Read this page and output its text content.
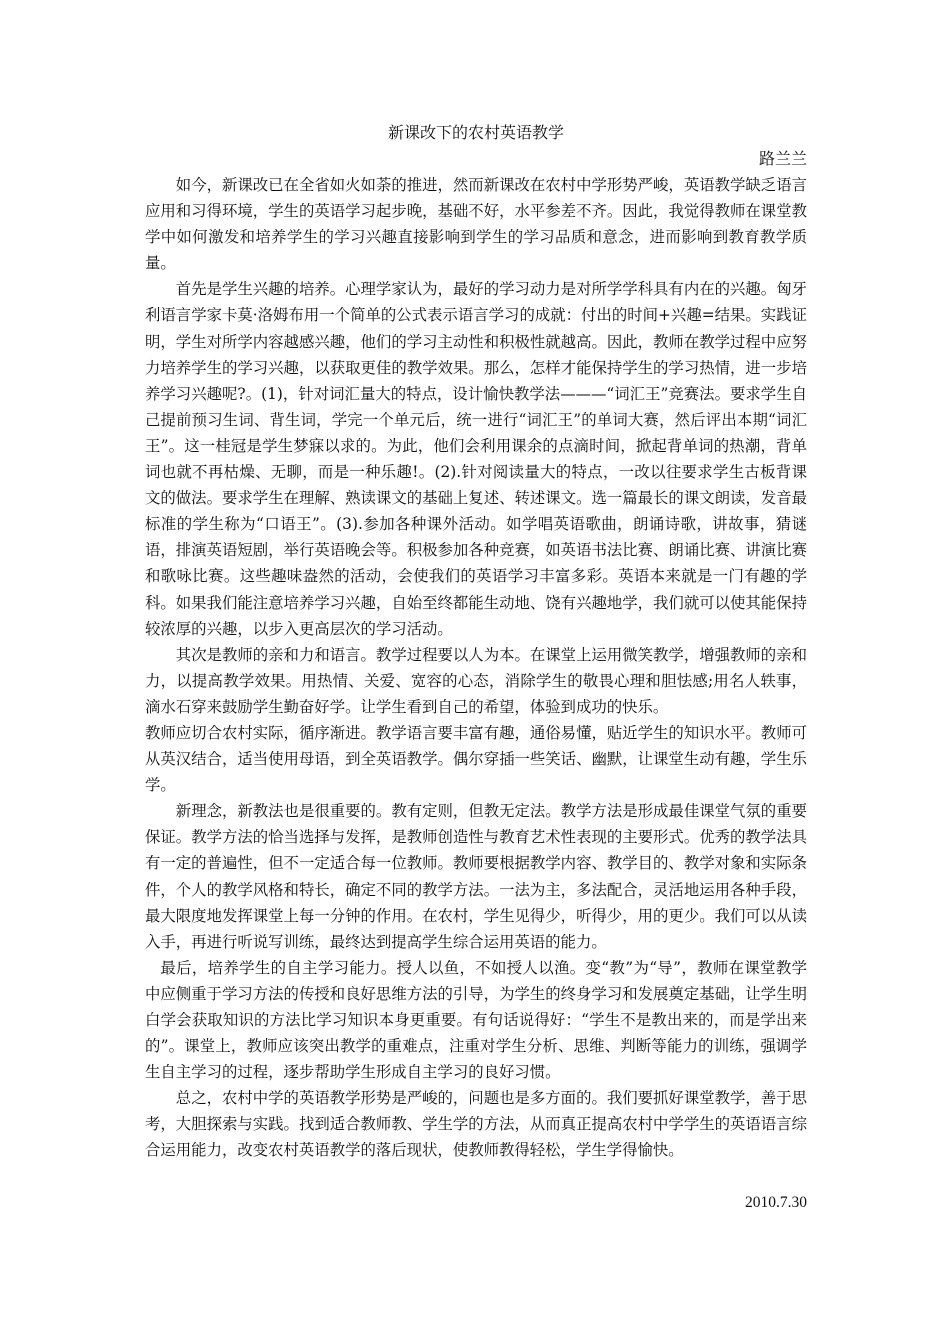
新课改下的农村英语教学

路兰兰

如今，新课改已在全省如火如荼的推进，然而新课改在农村中学形势严峻，英语教学缺乏语言应用和习得环境，学生的英语学习起步晚，基础不好，水平参差不齐。因此，我觉得教师在课堂教学中如何激发和培养学生的学习兴趣直接影响到学生的学习品质和意念，进而影响到教育教学质量。

首先是学生兴趣的培养。心理学家认为，最好的学习动力是对所学学科具有内在的兴趣。匈牙利语言学家卡莫·洛姆布用一个简单的公式表示语言学习的成就：付出的时间+兴趣=结果。实践证明，学生对所学内容越感兴趣，他们的学习主动性和积极性就越高。因此，教师在教学过程中应努力培养学生的学习兴趣，以获取更佳的教学效果。那么，怎样才能保持学生的学习热情，进一步培养学习兴趣呢?。(1)，针对词汇量大的特点，设计愉快教学法———“词汇王”竞赛法。要求学生自己提前预习生词、背生词，学完一个单元后，统一进行“词汇王”的单词大赛，然后评出本期“词汇王”。这一桂冠是学生梦寐以求的。为此，他们会利用课余的点滴时间，掀起背单词的热潮，背单词也就不再枯燥、无聊，而是一种乐趣!。(2).针对阅读量大的特点，一改以往要求学生古板背课文的做法。要求学生在理解、熟读课文的基础上复述、转述课文。选一篇最长的课文朗读，发音最标准的学生称为“口语王”。(3).参加各种课外活动。如学唱英语歌曲，朗诵诗歌，讲故事，猜谜语，排演英语短剧，举行英语晚会等。积极参加各种竞赛，如英语书法比赛、朗诵比赛、讲演比赛和歌咏比赛。这些趣味盎然的活动，会使我们的英语学习丰富多彩。英语本来就是一门有趣的学科。如果我们能注意培养学习兴趣，自始至终都能生动地、饶有兴趣地学，我们就可以使其能保持较浓厚的兴趣，以步入更高层次的学习活动。

其次是教师的亲和力和语言。教学过程要以人为本。在课堂上运用微笑教学，增强教师的亲和力，以提高教学效果。用热情、关爱、宽容的心态，消除学生的敬畏心理和胆怯感;用名人轶事，滴水石穿来鼓励学生勤奋好学。让学生看到自己的希望，体验到成功的快乐。

教师应切合农村实际，循序渐进。教学语言要丰富有趣，通俗易懂，贴近学生的知识水平。教师可从英汉结合，适当使用母语，到全英语教学。偶尔穿插一些笑话、幽默，让课堂生动有趣，学生乐学。

新理念，新教法也是很重要的。教有定则，但教无定法。教学方法是形成最佳课堂气氛的重要保证。教学方法的恰当选择与发挥，是教师创造性与教育艺术性表现的主要形式。优秀的教学法具有一定的普遍性，但不一定适合每一位教师。教师要根据教学内容、教学目的、教学对象和实际条件，个人的教学风格和特长，确定不同的教学方法。一法为主，多法配合，灵活地运用各种手段，最大限度地发挥课堂上每一分钟的作用。在农村，学生见得少，听得少，用的更少。我们可以从读入手，再进行听说写训练，最终达到提高学生综合运用英语的能力。

最后，培养学生的自主学习能力。授人以鱼，不如授人以渔。变“教”为“导”，教师在课堂教学中应侧重于学习方法的传授和良好思维方法的引导，为学生的终身学习和发展奠定基础，让学生明白学会获取知识的方法比学习知识本身更重要。有句话说得好：“学生不是教出来的，而是学出来的”。课堂上，教师应该突出教学的重难点，注重对学生分析、思维、判断等能力的训练，强调学生自主学习的过程，逐步帮助学生形成自主学习的良好习惯。

总之，农村中学的英语教学形势是严峻的，问题也是多方面的。我们要抓好课堂教学，善于思考，大胆探索与实践。找到适合教师教、学生学的方法，从而真正提高农村中学学生的英语语言综合运用能力，改变农村英语教学的落后现状，使教师教得轻松，学生学得愉快。

2010.7.30
